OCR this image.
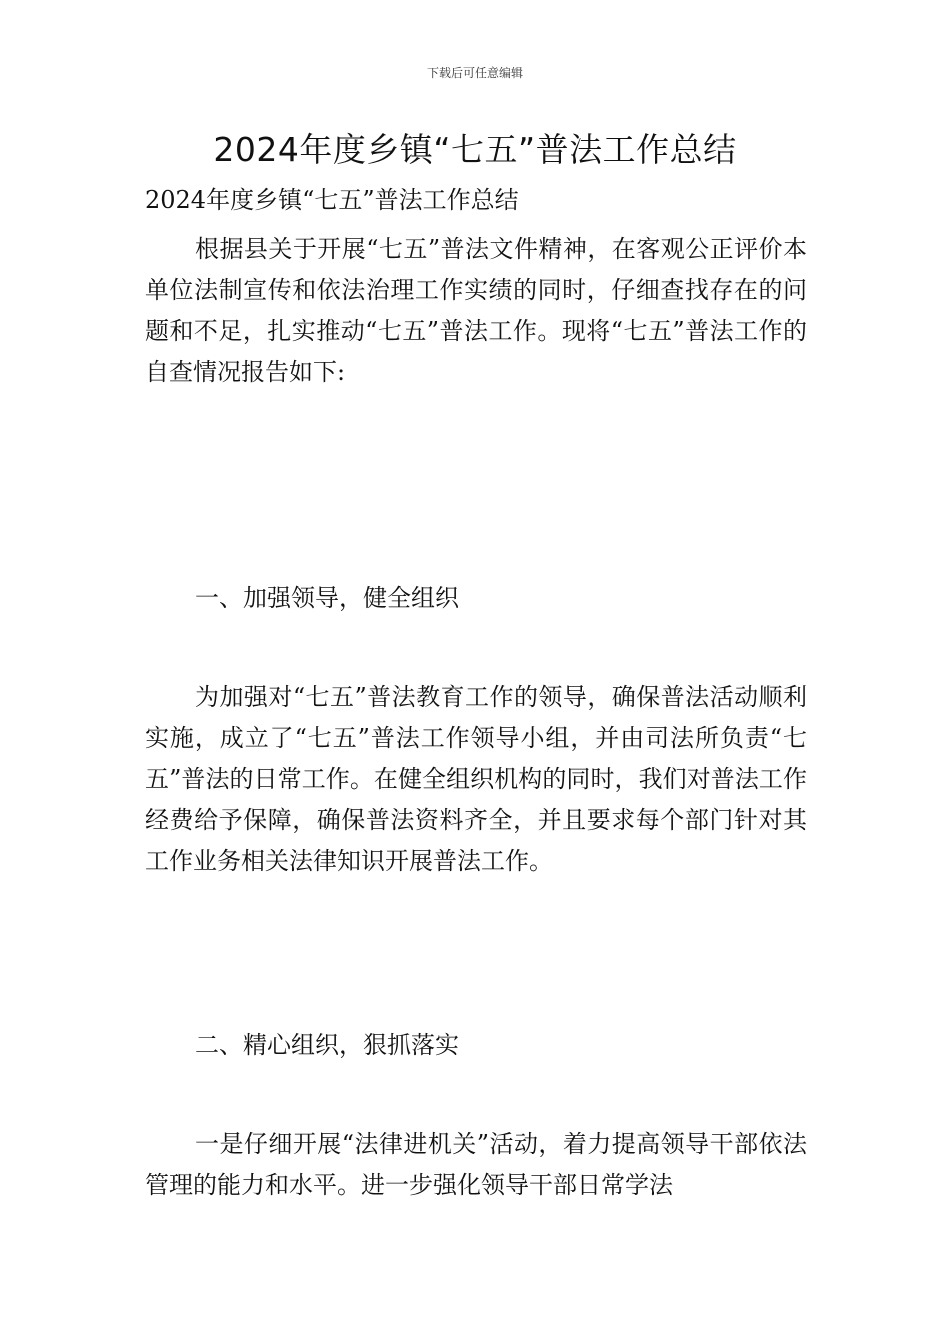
下载后可任意编辑
2024年度乡镇“七五”普法工作总结
2024年度乡镇“七五”普法工作总结

根据县关于开展“七五”普法文件精神，在客观公正评价本单位法制宣传和依法治理工作实绩的同时，仔细查找存在的问题和不足，扎实推动“七五”普法工作。现将“七五”普法工作的自查情况报告如下:

一、加强领导，健全组织

为加强对“七五”普法教育工作的领导，确保普法活动顺利实施，成立了“七五”普法工作领导小组，并由司法所负责“七五”普法的日常工作。在健全组织机构的同时，我们对普法工作经费给予保障，确保普法资料齐全，并且要求每个部门针对其工作业务相关法律知识开展普法工作。

二、精心组织，狠抓落实

一是仔细开展“法律进机关”活动，着力提高领导干部依法管理的能力和水平。进一步强化领导干部日常学法
